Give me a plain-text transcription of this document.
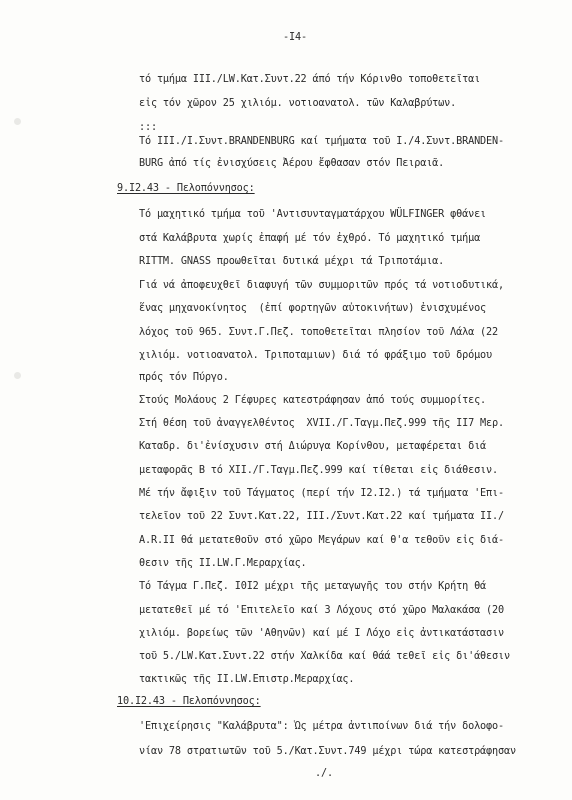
-I4-
τό τμήμα III./LW.Κατ.Συντ.22 άπό τήν Κόρινθο τοποθετεῖται
εἰς τόν χῶρον 25 χιλιόμ. νοτιοανατολ. τῶν Καλαβρύτων.
:::
Τό III./I.Συντ.BRANDENBURG καί τμήματα τοῦ Ι./4.Συντ.BRANDEN-
BURG ἀπό τίς ἐνισχύσεις Ἀέρου ἔφθασαν στόν Πειραιᾶ.
9.I2.43 - Πελοπόννησος:
Τό μαχητικό τμήμα τοῦ 'Αντισυνταγματάρχου WÜLFINGER φθάνει
στά Καλάβρυτα χωρίς ἐπαφή μέ τόν ἐχθρό. Τό μαχητικό τμήμα
RITTM. GNASS προωθεῖται δυτικά μέχρι τά Τριποτάμια.
Γιά νά ἀποφευχθεῖ διαφυγή τῶν συμμοριτῶν πρός τά νοτιοδυτικά,
ἕνας μηχανοκίνητος  (ἐπί φορτηγῶν αὐτοκινήτων) ἐνισχυμένος
λόχος τοῦ 965. Συντ.Γ.Πεζ. τοποθετεῖται πλησίον τοῦ Λάλα (22
χιλιόμ. νοτιοανατολ. Τριποταμιων) διά τό φράξιμο τοῦ δρόμου
πρός τόν Πύργο.
Στούς Μολάους 2 Γέφυρες κατεστράφησαν ἀπό τούς συμμορίτες.
Στή θέση τοῦ ἀναγγελθέντος  XVII./Γ.Ταγμ.Πεζ.999 τῆς II7 Μερ.
Καταδρ. δι'ἐνίσχυσιν στή Διώρυγα Κορίνθου, μεταφέρεται διά
μεταφορᾶς Β τό XII./Γ.Ταγμ.Πεζ.999 καί τίθεται εἰς διάθεσιν.
Μέ τήν ἄφιξιν τοῦ Τάγματος (περί τήν I2.I2.) τά τμήματα 'Επι-
τελεῖον τοῦ 22 Συντ.Κατ.22, III./Συντ.Κατ.22 καί τμήματα II./
A.R.II θά μετατεθοῦν στό χῶρο Μεγάρων καί θ'α τεθοῦν εἰς διά-
θεσιν τῆς II.LW.Γ.Μεραρχίας.
Τό Τάγμα Γ.Πεζ. I0I2 μέχρι τῆς μεταγωγῆς του στήν Κρήτη θά
μετατεθεῖ μέ τό 'Επιτελεῖο καί 3 Λόχους στό χῶρο Μαλακάσα (20
χιλιόμ. βορείως τῶν 'Αθηνῶν) καί μέ Ι Λόχο εἰς ἀντικατάστασιν
τοῦ 5./LW.Κατ.Συντ.22 στήν Χαλκίδα καί θάά τεθεῖ εἰς δι'άθεσιν
τακτικῶς τῆς II.LW.Επιστρ.Μεραρχίας.
10.I2.43 - Πελοπόννησος:
'Επιχείρησις "Καλάβρυτα": Ὡς μέτρα ἀντιποίνων διά τήν δολοφο-
νίαν 78 στρατιωτῶν τοῦ 5./Κατ.Συντ.749 μέχρι τώρα κατεστράφησαν
./.
